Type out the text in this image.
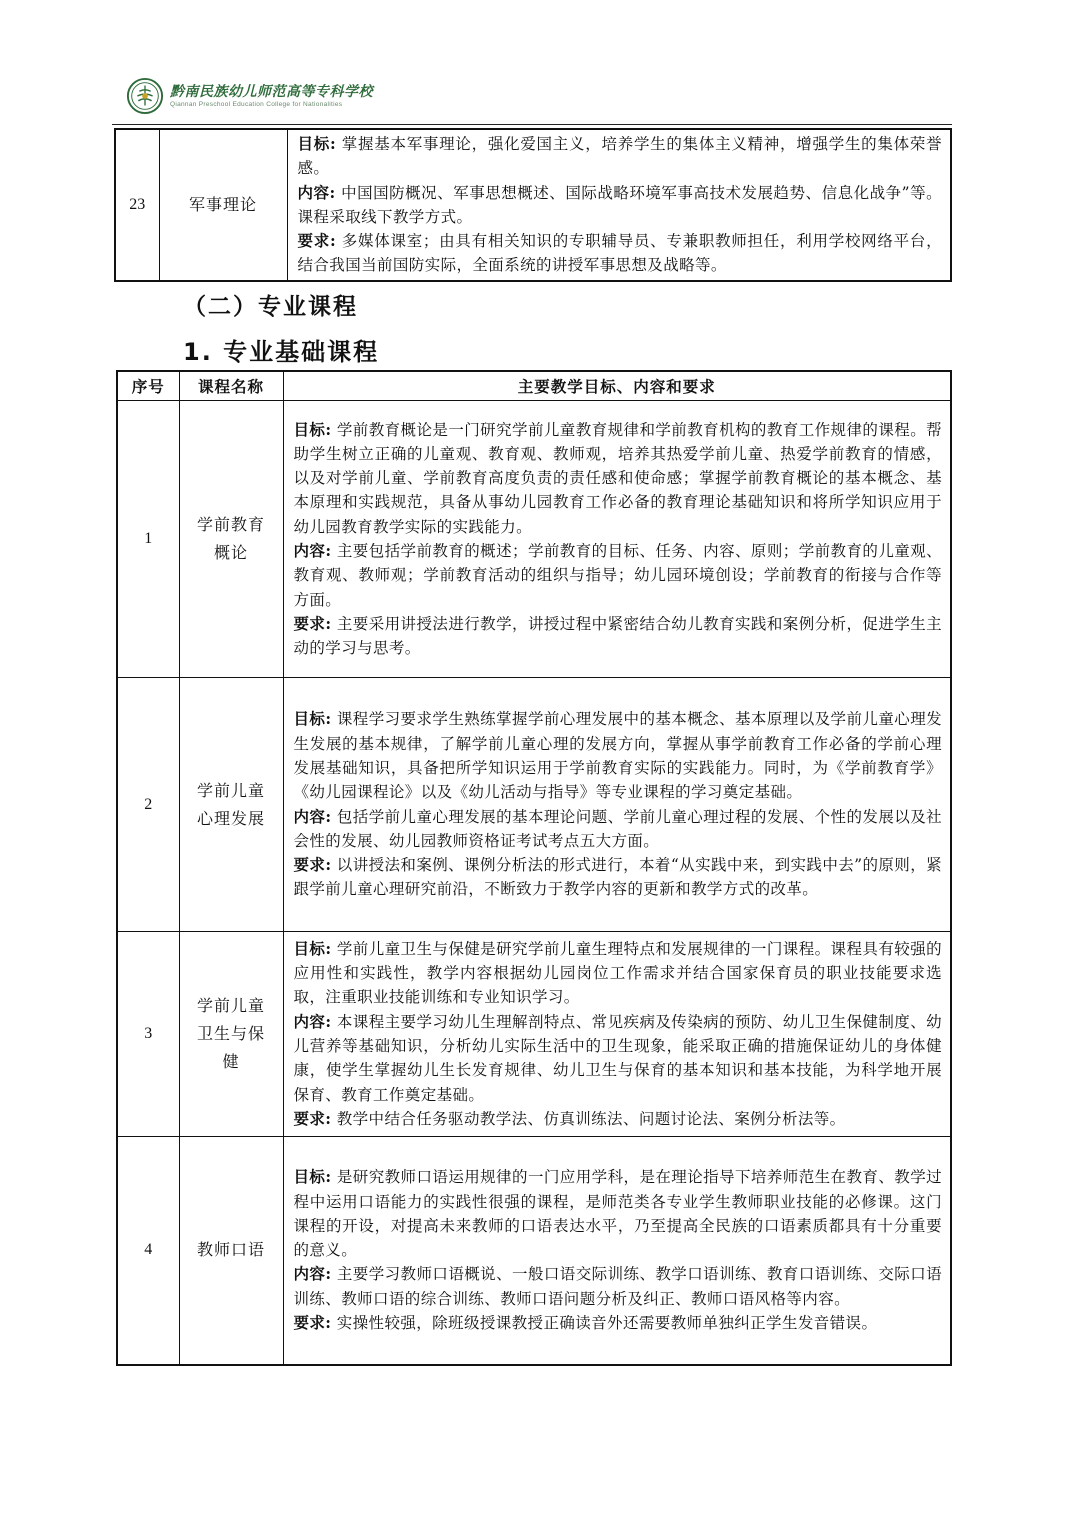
黔南民族幼儿师范高等专科学校
Qiannan Preschool Education College for Nationalities
23	军事理论	

目标: 掌握基本军事理论，强化爱国主义，培养学生的集体主义精神，增强学生的集体荣誉感。

内容: 中国国防概况、军事思想概述、国际战略环境军事高技术发展趋势、信息化战争”等。课程采取线下教学方式。

要求: 多媒体课室；由具有相关知识的专职辅导员、专兼职教师担任，利用学校网络平台，结合我国当前国防实际，全面系统的讲授军事思想及战略等。

（二）专业课程
1. 专业基础课程
序号	课程名称	主要教学目标、内容和要求
1	学前教育概论	目标: 学前教育概论是一门研究学前儿童教育规律和学前教育机构的教育工作规律的课程。帮助学生树立正确的儿童观、教育观、教师观，培养其热爱学前儿童、热爱学前教育的情感，以及对学前儿童、学前教育高度负责的责任感和使命感；掌握学前教育概论的基本概念、基本原理和实践规范，具备从事幼儿园教育工作必备的教育理论基础知识和将所学知识应用于幼儿园教育教学实际的实践能力。

内容: 主要包括学前教育的概述；学前教育的目标、任务、内容、原则；学前教育的儿童观、教育观、教师观；学前教育活动的组织与指导；幼儿园环境创设；学前教育的衔接与合作等方面。

要求: 主要采用讲授法进行教学，讲授过程中紧密结合幼儿教育实践和案例分析，促进学生主动的学习与思考。

2	学前儿童心理发展	目标: 课程学习要求学生熟练掌握学前心理发展中的基本概念、基本原理以及学前儿童心理发生发展的基本规律，了解学前儿童心理的发展方向，掌握从事学前教育工作必备的学前心理发展基础知识，具备把所学知识运用于学前教育实际的实践能力。同时，为《学前教育学》《幼儿园课程论》以及《幼儿活动与指导》等专业课程的学习奠定基础。

内容: 包括学前儿童心理发展的基本理论问题、学前儿童心理过程的发展、个性的发展以及社会性的发展、幼儿园教师资格证考试考点五大方面。

要求: 以讲授法和案例、课例分析法的形式进行，本着“从实践中来，到实践中去”的原则，紧跟学前儿童心理研究前沿，不断致力于教学内容的更新和教学方式的改革。

3	学前儿童卫生与保健	目标: 学前儿童卫生与保健是研究学前儿童生理特点和发展规律的一门课程。课程具有较强的应用性和实践性，教学内容根据幼儿园岗位工作需求并结合国家保育员的职业技能要求选取，注重职业技能训练和专业知识学习。

内容: 本课程主要学习幼儿生理解剖特点、常见疾病及传染病的预防、幼儿卫生保健制度、幼儿营养等基础知识，分析幼儿实际生活中的卫生现象，能采取正确的措施保证幼儿的身体健康，使学生掌握幼儿生长发育规律、幼儿卫生与保育的基本知识和基本技能，为科学地开展保育、教育工作奠定基础。

要求: 教学中结合任务驱动教学法、仿真训练法、问题讨论法、案例分析法等。

4	教师口语	目标: 是研究教师口语运用规律的一门应用学科，是在理论指导下培养师范生在教育、教学过程中运用口语能力的实践性很强的课程，是师范类各专业学生教师职业技能的必修课。这门课程的开设，对提高未来教师的口语表达水平，乃至提高全民族的口语素质都具有十分重要的意义。

内容: 主要学习教师口语概说、一般口语交际训练、教学口语训练、教育口语训练、交际口语训练、教师口语的综合训练、教师口语问题分析及纠正、教师口语风格等内容。

要求: 实操性较强，除班级授课教授正确读音外还需要教师单独纠正学生发音错误。
